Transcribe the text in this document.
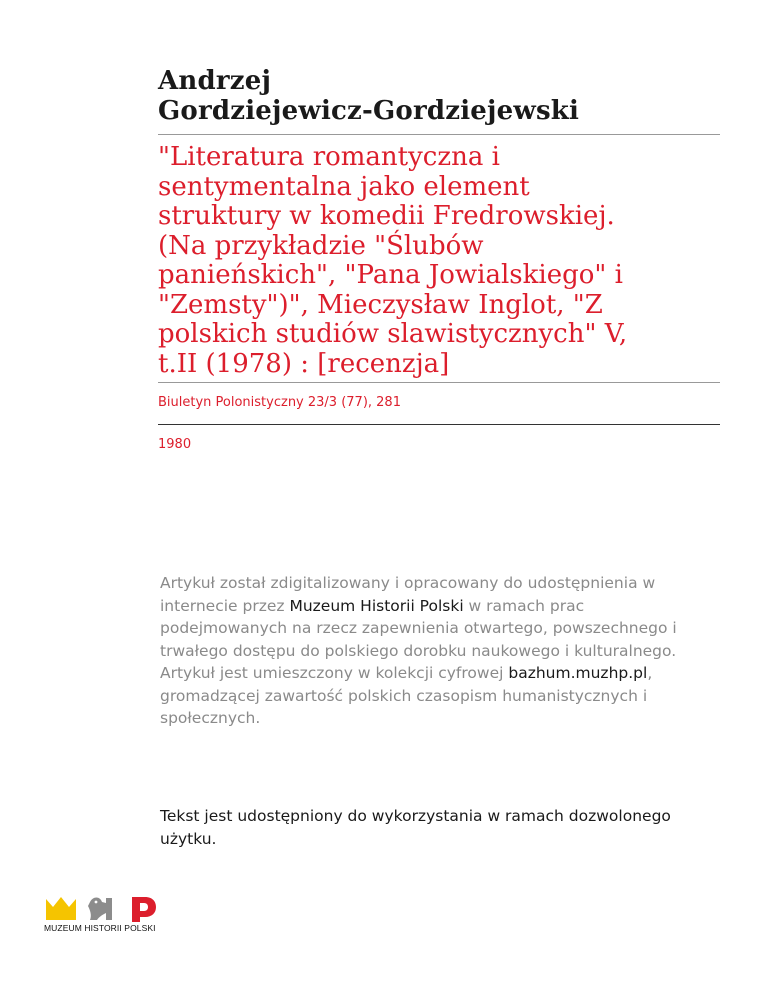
Andrzej
Gordziejewicz-Gordziejewski
"Literatura romantyczna i
sentymentalna jako element
struktury w komedii Fredrowskiej.
(Na przykładzie "Ślubów
panieńskich", "Pana Jowialskiego" i
"Zemsty")", Mieczysław Inglot, "Z
polskich studiów slawistycznych" V,
t.II (1978) : [recenzja]
Biuletyn Polonistyczny 23/3 (77), 281
1980
Artykuł został zdigitalizowany i opracowany do udostępnienia w internecie przez Muzeum Historii Polski w ramach prac podejmowanych na rzecz zapewnienia otwartego, powszechnego i trwałego dostępu do polskiego dorobku naukowego i kulturalnego. Artykuł jest umieszczony w kolekcji cyfrowej bazhum.muzhp.pl, gromadzącej zawartość polskich czasopism humanistycznych i społecznych.
Tekst jest udostępniony do wykorzystania w ramach dozwolonego użytku.
MUZEUM HISTORII POLSKI
